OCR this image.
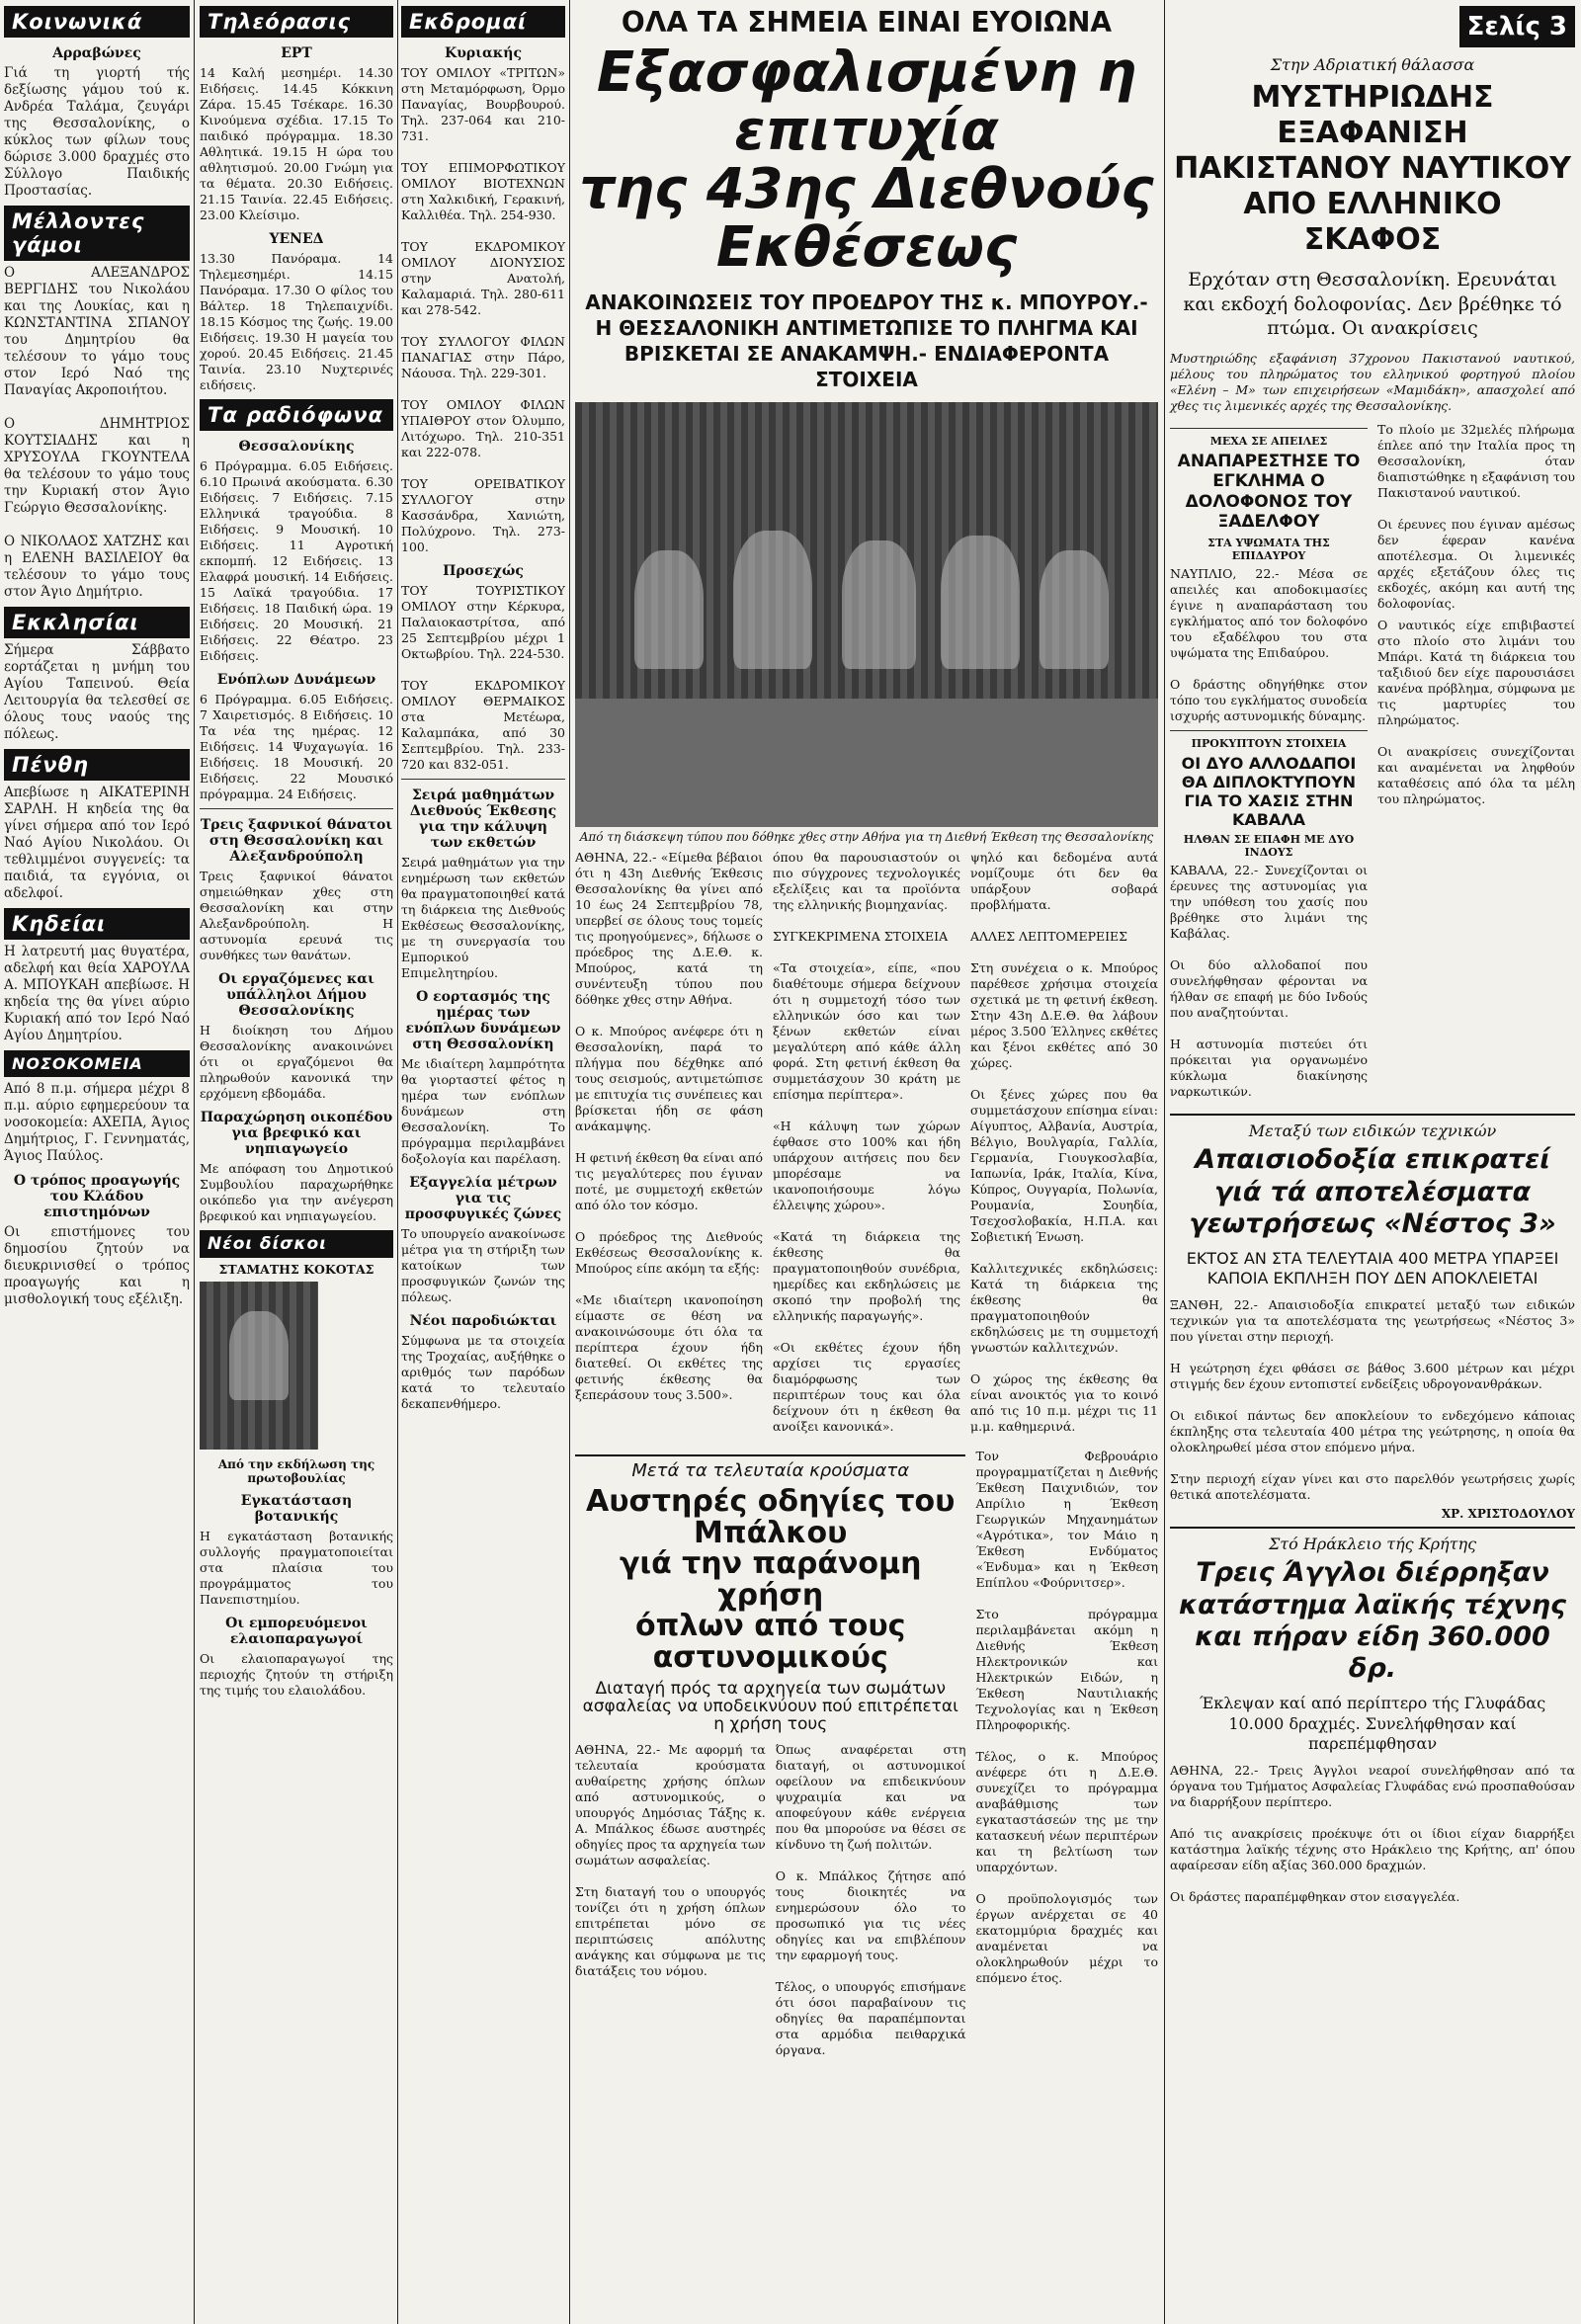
Κοινωνικά
Αρραβώνες

Γιά τη γιορτή τής δεξίωσης γάμου τού κ. Ανδρέα Ταλάμα, ζευγάρι της Θεσσαλονίκης, ο κύκλος των φίλων τους δώρισε 3.000 δραχμές στο Σύλλογο Παιδικής Προστασίας.

Μέλλοντες γάμοι

Ο ΑΛΕΞΑΝΔΡΟΣ ΒΕΡΓΙΔΗΣ του Νικολάου και της Λουκίας, και η ΚΩΝΣΤΑΝΤΙΝΑ ΣΠΑΝΟΥ του Δημητρίου θα τελέσουν το γάμο τους στον Ιερό Ναό της Παναγίας Ακροποιήτου.

Ο ΔΗΜΗΤΡΙΟΣ ΚΟΥΤΣΙΑΔΗΣ και η ΧΡΥΣΟΥΛΑ ΓΚΟΥΝΤΕΛΑ θα τελέσουν το γάμο τους την Κυριακή στον Άγιο Γεώργιο Θεσσαλονίκης.

Ο ΝΙΚΟΛΑΟΣ ΧΑΤΖΗΣ και η ΕΛΕΝΗ ΒΑΣΙΛΕΙΟΥ θα τελέσουν το γάμο τους στον Άγιο Δημήτριο.

Εκκλησίαι

Σήμερα Σάββατο εορτάζεται η μνήμη του Αγίου Ταπεινού. Θεία Λειτουργία θα τελεσθεί σε όλους τους ναούς της πόλεως.

Πένθη

Απεβίωσε η ΑΙΚΑΤΕΡΙΝΗ ΣΑΡΛΗ. Η κηδεία της θα γίνει σήμερα από τον Ιερό Ναό Αγίου Νικολάου. Οι τεθλιμμένοι συγγενείς: τα παιδιά, τα εγγόνια, οι αδελφοί.

Κηδείαι

Η λατρευτή μας θυγατέρα, αδελφή και θεία ΧΑΡΟΥΛΑ Α. ΜΠΟΥΚΑΗ απεβίωσε. Η κηδεία της θα γίνει αύριο Κυριακή από τον Ιερό Ναό Αγίου Δημητρίου.

ΝΟΣΟΚΟΜΕΙΑ

Από 8 π.μ. σήμερα μέχρι 8 π.μ. αύριο εφημερεύουν τα νοσοκομεία: ΑΧΕΠΑ, Άγιος Δημήτριος, Γ. Γεννηματάς, Άγιος Παύλος.

Ο τρόπος προαγωγής του Κλάδου επιστημόνων

Οι επιστήμονες του δημοσίου ζητούν να διευκρινισθεί ο τρόπος προαγωγής και η μισθολογική τους εξέλιξη.

Τηλεόρασις
ΕΡΤ

14 Καλή μεσημέρι. 14.30 Ειδήσεις. 14.45 Κόκκινη Ζάρα. 15.45 Τσέκαρε. 16.30 Κινούμενα σχέδια. 17.15 Το παιδικό πρόγραμμα. 18.30 Αθλητικά. 19.15 Η ώρα του αθλητισμού. 20.00 Γνώμη για τα θέματα. 20.30 Ειδήσεις. 21.15 Ταινία. 22.45 Ειδήσεις. 23.00 Κλείσιμο.

ΥΕΝΕΔ

13.30 Πανόραμα. 14 Τηλεμεσημέρι. 14.15 Πανόραμα. 17.30 Ο φίλος του Βάλτερ. 18 Τηλεπαιχνίδι. 18.15 Κόσμος της ζωής. 19.00 Ειδήσεις. 19.30 Η μαγεία του χορού. 20.45 Ειδήσεις. 21.45 Ταινία. 23.10 Νυχτερινές ειδήσεις.

Τα ραδιόφωνα
Θεσσαλονίκης

6 Πρόγραμμα. 6.05 Ειδήσεις. 6.10 Πρωινά ακούσματα. 6.30 Ειδήσεις. 7 Ειδήσεις. 7.15 Ελληνικά τραγούδια. 8 Ειδήσεις. 9 Μουσική. 10 Ειδήσεις. 11 Αγροτική εκπομπή. 12 Ειδήσεις. 13 Ελαφρά μουσική. 14 Ειδήσεις. 15 Λαϊκά τραγούδια. 17 Ειδήσεις. 18 Παιδική ώρα. 19 Ειδήσεις. 20 Μουσική. 21 Ειδήσεις. 22 Θέατρο. 23 Ειδήσεις.

Ενόπλων Δυνάμεων

6 Πρόγραμμα. 6.05 Ειδήσεις. 7 Χαιρετισμός. 8 Ειδήσεις. 10 Τα νέα της ημέρας. 12 Ειδήσεις. 14 Ψυχαγωγία. 16 Ειδήσεις. 18 Μουσική. 20 Ειδήσεις. 22 Μουσικό πρόγραμμα. 24 Ειδήσεις.

Τρεις ξαφνικοί θάνατοι στη Θεσσαλονίκη και Αλεξανδρούπολη

Τρεις ξαφνικοί θάνατοι σημειώθηκαν χθες στη Θεσσαλονίκη και στην Αλεξανδρούπολη. Η αστυνομία ερευνά τις συνθήκες των θανάτων.

Οι εργαζόμενες και υπάλληλοι Δήμου Θεσσαλονίκης

Η διοίκηση του Δήμου Θεσσαλονίκης ανακοινώνει ότι οι εργαζόμενοι θα πληρωθούν κανονικά την ερχόμενη εβδομάδα.

Παραχώρηση οικοπέδου για βρεφικό και νηπιαγωγείο

Με απόφαση του Δημοτικού Συμβουλίου παραχωρήθηκε οικόπεδο για την ανέγερση βρεφικού και νηπιαγωγείου.

Νέοι δίσκοι
ΣΤΑΜΑΤΗΣ ΚΟΚΟΤΑΣ
Από την εκδήλωση της πρωτοβουλίας
Εγκατάσταση βοτανικής

Η εγκατάσταση βοτανικής συλλογής πραγματοποιείται στα πλαίσια του προγράμματος του Πανεπιστημίου.

Οι εμπορευόμενοι ελαιοπαραγωγοί

Οι ελαιοπαραγωγοί της περιοχής ζητούν τη στήριξη της τιμής του ελαιολάδου.

Εκδρομαί
Κυριακής

ΤΟΥ ΟΜΙΛΟΥ «ΤΡΙΤΩΝ» στη Μεταμόρφωση, Όρμο Παναγίας, Βουρβουρού. Τηλ. 237-064 και 210-731.

ΤΟΥ ΕΠΙΜΟΡΦΩΤΙΚΟΥ ΟΜΙΛΟΥ ΒΙΟΤΕΧΝΩΝ στη Χαλκιδική, Γερακινή, Καλλιθέα. Τηλ. 254-930.

ΤΟΥ ΕΚΔΡΟΜΙΚΟΥ ΟΜΙΛΟΥ ΔΙΟΝΥΣΙΟΣ στην Ανατολή, Καλαμαριά. Τηλ. 280-611 και 278-542.

ΤΟΥ ΣΥΛΛΟΓΟΥ ΦΙΛΩΝ ΠΑΝΑΓΙΑΣ στην Πάρο, Νάουσα. Τηλ. 229-301.

ΤΟΥ ΟΜΙΛΟΥ ΦΙΛΩΝ ΥΠΑΙΘΡΟΥ στον Όλυμπο, Λιτόχωρο. Τηλ. 210-351 και 222-078.

ΤΟΥ ΟΡΕΙΒΑΤΙΚΟΥ ΣΥΛΛΟΓΟΥ στην Κασσάνδρα, Χανιώτη, Πολύχρονο. Τηλ. 273-100.

Προσεχώς

ΤΟΥ ΤΟΥΡΙΣΤΙΚΟΥ ΟΜΙΛΟΥ στην Κέρκυρα, Παλαιοκαστρίτσα, από 25 Σεπτεμβρίου μέχρι 1 Οκτωβρίου. Τηλ. 224-530.

ΤΟΥ ΕΚΔΡΟΜΙΚΟΥ ΟΜΙΛΟΥ ΘΕΡΜΑΙΚΟΣ στα Μετέωρα, Καλαμπάκα, από 30 Σεπτεμβρίου. Τηλ. 233-720 και 832-051.

Σειρά μαθημάτων Διεθνούς Έκθεσης για την κάλυψη των εκθετών

Σειρά μαθημάτων για την ενημέρωση των εκθετών θα πραγματοποιηθεί κατά τη διάρκεια της Διεθνούς Εκθέσεως Θεσσαλονίκης, με τη συνεργασία του Εμπορικού Επιμελητηρίου.

Ο εορτασμός της ημέρας των ενόπλων δυνάμεων στη Θεσσαλονίκη

Με ιδιαίτερη λαμπρότητα θα γιορταστεί φέτος η ημέρα των ενόπλων δυνάμεων στη Θεσσαλονίκη. Το πρόγραμμα περιλαμβάνει δοξολογία και παρέλαση.

Εξαγγελία μέτρων για τις προσφυγικές ζώνες

Το υπουργείο ανακοίνωσε μέτρα για τη στήριξη των κατοίκων των προσφυγικών ζωνών της πόλεως.

Νέοι παροδιώκται

Σύμφωνα με τα στοιχεία της Τροχαίας, αυξήθηκε ο αριθμός των παρόδων κατά το τελευταίο δεκαπενθήμερο.

ΟΛΑ ΤΑ ΣΗΜΕΙΑ ΕΙΝΑΙ ΕΥΟΙΩΝΑ
Εξασφαλισμένη η επιτυχία
της 43ης Διεθνούς Εκθέσεως
ΑΝΑΚΟΙΝΩΣΕΙΣ ΤΟΥ ΠΡΟΕΔΡΟΥ ΤΗΣ κ. ΜΠΟΥΡΟΥ.- Η ΘΕΣΣΑΛΟΝΙΚΗ ΑΝΤΙΜΕΤΩΠΙΣΕ ΤΟ ΠΛΗΓΜΑ ΚΑΙ ΒΡΙΣΚΕΤΑΙ ΣΕ ΑΝΑΚΑΜΨΗ.- ΕΝΔΙΑΦΕΡΟΝΤΑ ΣΤΟΙΧΕΙΑ
Από τη διάσκεψη τύπου που δόθηκε χθες στην Αθήνα για τη Διεθνή Έκθεση της Θεσσαλονίκης

ΑΘΗΝΑ, 22.- «Είμεθα βέβαιοι ότι η 43η Διεθνής Έκθεσις Θεσσαλονίκης θα γίνει από 10 έως 24 Σεπτεμβρίου 78, υπερβεί σε όλους τους τομείς τις προηγούμενες», δήλωσε ο πρόεδρος της Δ.Ε.Θ. κ. Μπούρος, κατά τη συνέντευξη τύπου που δόθηκε χθες στην Αθήνα.

Ο κ. Μπούρος ανέφερε ότι η Θεσσαλονίκη, παρά το πλήγμα που δέχθηκε από τους σεισμούς, αντιμετώπισε με επιτυχία τις συνέπειες και βρίσκεται ήδη σε φάση ανάκαμψης.

Η φετινή έκθεση θα είναι από τις μεγαλύτερες που έγιναν ποτέ, με συμμετοχή εκθετών από όλο τον κόσμο.

Ο πρόεδρος της Διεθνούς Εκθέσεως Θεσσαλονίκης κ. Μπούρος είπε ακόμη τα εξής:

«Με ιδιαίτερη ικανοποίηση είμαστε σε θέση να ανακοινώσουμε ότι όλα τα περίπτερα έχουν ήδη διατεθεί. Οι εκθέτες της φετινής έκθεσης θα ξεπεράσουν τους 3.500».

όπου θα παρουσιαστούν οι πιο σύγχρονες τεχνολογικές εξελίξεις και τα προϊόντα της ελληνικής βιομηχανίας.

ΣΥΓΚΕΚΡΙΜΕΝΑ ΣΤΟΙΧΕΙΑ

«Τα στοιχεία», είπε, «που διαθέτουμε σήμερα δείχνουν ότι η συμμετοχή τόσο των ελληνικών όσο και των ξένων εκθετών είναι μεγαλύτερη από κάθε άλλη φορά. Στη φετινή έκθεση θα συμμετάσχουν 30 κράτη με επίσημα περίπτερα».

«Η κάλυψη των χώρων έφθασε στο 100% και ήδη υπάρχουν αιτήσεις που δεν μπορέσαμε να ικανοποιήσουμε λόγω έλλειψης χώρου».

«Κατά τη διάρκεια της έκθεσης θα πραγματοποιηθούν συνέδρια, ημερίδες και εκδηλώσεις με σκοπό την προβολή της ελληνικής παραγωγής».

«Οι εκθέτες έχουν ήδη αρχίσει τις εργασίες διαμόρφωσης των περιπτέρων τους και όλα δείχνουν ότι η έκθεση θα ανοίξει κανονικά».

ψηλό και δεδομένα αυτά νομίζουμε ότι δεν θα υπάρξουν σοβαρά προβλήματα.

ΑΛΛΕΣ ΛΕΠΤΟΜΕΡΕΙΕΣ

Στη συνέχεια ο κ. Μπούρος παρέθεσε χρήσιμα στοιχεία σχετικά με τη φετινή έκθεση. Στην 43η Δ.Ε.Θ. θα λάβουν μέρος 3.500 Έλληνες εκθέτες και ξένοι εκθέτες από 30 χώρες.

Οι ξένες χώρες που θα συμμετάσχουν επίσημα είναι: Αίγυπτος, Αλβανία, Αυστρία, Βέλγιο, Βουλγαρία, Γαλλία, Γερμανία, Γιουγκοσλαβία, Ιαπωνία, Ιράκ, Ιταλία, Κίνα, Κύπρος, Ουγγαρία, Πολωνία, Ρουμανία, Σουηδία, Τσεχοσλοβακία, Η.Π.Α. και Σοβιετική Ένωση.

Καλλιτεχνικές εκδηλώσεις: Κατά τη διάρκεια της έκθεσης θα πραγματοποιηθούν εκδηλώσεις με τη συμμετοχή γνωστών καλλιτεχνών.

Ο χώρος της έκθεσης θα είναι ανοικτός για το κοινό από τις 10 π.μ. μέχρι τις 11 μ.μ. καθημερινά.

Μετά τα τελευταία κρούσματα
Αυστηρές οδηγίες του Μπάλκου
γιά την παράνομη χρήση
όπλων από τους αστυνομικούς
Διαταγή πρός τα αρχηγεία των σωμάτων ασφαλείας να υποδεικνύουν πού επιτρέπεται η χρήση τους

ΑΘΗΝΑ, 22.- Με αφορμή τα τελευταία κρούσματα αυθαίρετης χρήσης όπλων από αστυνομικούς, ο υπουργός Δημόσιας Τάξης κ. Α. Μπάλκος έδωσε αυστηρές οδηγίες προς τα αρχηγεία των σωμάτων ασφαλείας.

Στη διαταγή του ο υπουργός τονίζει ότι η χρήση όπλων επιτρέπεται μόνο σε περιπτώσεις απόλυτης ανάγκης και σύμφωνα με τις διατάξεις του νόμου.

Όπως αναφέρεται στη διαταγή, οι αστυνομικοί οφείλουν να επιδεικνύουν ψυχραιμία και να αποφεύγουν κάθε ενέργεια που θα μπορούσε να θέσει σε κίνδυνο τη ζωή πολιτών.

Ο κ. Μπάλκος ζήτησε από τους διοικητές να ενημερώσουν όλο το προσωπικό για τις νέες οδηγίες και να επιβλέπουν την εφαρμογή τους.

Τέλος, ο υπουργός επισήμανε ότι όσοι παραβαίνουν τις οδηγίες θα παραπέμπονται στα αρμόδια πειθαρχικά όργανα.

Τον Φεβρουάριο προγραμματίζεται η Διεθνής Έκθεση Παιχνιδιών, τον Απρίλιο η Έκθεση Γεωργικών Μηχανημάτων «Αγρότικα», τον Μάιο η Έκθεση Ενδύματος «Ένδυμα» και η Έκθεση Επίπλου «Φούρνιτσερ».

Στο πρόγραμμα περιλαμβάνεται ακόμη η Διεθνής Έκθεση Ηλεκτρονικών και Ηλεκτρικών Ειδών, η Έκθεση Ναυτιλιακής Τεχνολογίας και η Έκθεση Πληροφορικής.

Τέλος, ο κ. Μπούρος ανέφερε ότι η Δ.Ε.Θ. συνεχίζει το πρόγραμμα αναβάθμισης των εγκαταστάσεών της με την κατασκευή νέων περιπτέρων και τη βελτίωση των υπαρχόντων.

Ο προϋπολογισμός των έργων ανέρχεται σε 40 εκατομμύρια δραχμές και αναμένεται να ολοκληρωθούν μέχρι το επόμενο έτος.

Σελίς 3
Στην Αδριατική θάλασσα
ΜΥΣΤΗΡΙΩΔΗΣ ΕΞΑΦΑΝΙΣΗ ΠΑΚΙΣΤΑΝΟΥ ΝΑΥΤΙΚΟΥ ΑΠΟ ΕΛΛΗΝΙΚΟ ΣΚΑΦΟΣ
Ερχόταν στη Θεσσαλονίκη. Ερευνάται και εκδοχή δολοφονίας. Δεν βρέθηκε τό πτώμα. Οι ανακρίσεις

Μυστηριώδης εξαφάνιση 37χρονου Πακιστανού ναυτικού, μέλους του πληρώματος του ελληνικού φορτηγού πλοίου «Ελένη – Μ» των επιχειρήσεων «Μαμιδάκη», απασχολεί από χθες τις λιμενικές αρχές της Θεσσαλονίκης.

ΜΕΧΑ ΣΕ ΑΠΕΙΛΕΣ
ΑΝΑΠΑΡΕΣΤΗΣΕ ΤΟ ΕΓΚΛΗΜΑ Ο ΔΟΛΟΦΟΝΟΣ ΤΟΥ ΞΑΔΕΛΦΟΥ
ΣΤΑ ΥΨΩΜΑΤΑ ΤΗΣ ΕΠΙΔΑΥΡΟΥ

ΝΑΥΠΛΙΟ, 22.- Μέσα σε απειλές και αποδοκιμασίες έγινε η αναπαράσταση του εγκλήματος από τον δολοφόνο του εξαδέλφου του στα υψώματα της Επιδαύρου.

Ο δράστης οδηγήθηκε στον τόπο του εγκλήματος συνοδεία ισχυρής αστυνομικής δύναμης.

ΠΡΟΚΥΠΤΟΥΝ ΣΤΟΙΧΕΙΑ
ΟΙ ΔΥΟ ΑΛΛΟΔΑΠΟΙ ΘΑ ΔΙΠΛΟΚΤΥΠΟΥΝ ΓΙΑ ΤΟ ΧΑΣΙΣ ΣΤΗΝ ΚΑΒΑΛΑ
ΗΛΘΑΝ ΣΕ ΕΠΑΦΗ ΜΕ ΔΥΟ ΙΝΔΟΥΣ

ΚΑΒΑΛΑ, 22.- Συνεχίζονται οι έρευνες της αστυνομίας για την υπόθεση του χασίς που βρέθηκε στο λιμάνι της Καβάλας.

Οι δύο αλλοδαποί που συνελήφθησαν φέρονται να ήλθαν σε επαφή με δύο Ινδούς που αναζητούνται.

Η αστυνομία πιστεύει ότι πρόκειται για οργανωμένο κύκλωμα διακίνησης ναρκωτικών.

Το πλοίο με 32μελές πλήρωμα έπλεε από την Ιταλία προς τη Θεσσαλονίκη, όταν διαπιστώθηκε η εξαφάνιση του Πακιστανού ναυτικού.

Οι έρευνες που έγιναν αμέσως δεν έφεραν κανένα αποτέλεσμα. Οι λιμενικές αρχές εξετάζουν όλες τις εκδοχές, ακόμη και αυτή της δολοφονίας.

Ο ναυτικός είχε επιβιβαστεί στο πλοίο στο λιμάνι του Μπάρι. Κατά τη διάρκεια του ταξιδιού δεν είχε παρουσιάσει κανένα πρόβλημα, σύμφωνα με τις μαρτυρίες του πληρώματος.

Οι ανακρίσεις συνεχίζονται και αναμένεται να ληφθούν καταθέσεις από όλα τα μέλη του πληρώματος.

Μεταξύ των ειδικών τεχνικών
Απαισιοδοξία επικρατεί γιά τά αποτελέσματα γεωτρήσεως «Νέστος 3»
ΕΚΤΟΣ ΑΝ ΣΤΑ ΤΕΛΕΥΤΑΙΑ 400 ΜΕΤΡΑ ΥΠΑΡΞΕΙ ΚΑΠΟΙΑ ΕΚΠΛΗΞΗ ΠΟΥ ΔΕΝ ΑΠΟΚΛΕΙΕΤΑΙ

ΞΑΝΘΗ, 22.- Απαισιοδοξία επικρατεί μεταξύ των ειδικών τεχνικών για τα αποτελέσματα της γεωτρήσεως «Νέστος 3» που γίνεται στην περιοχή.

Η γεώτρηση έχει φθάσει σε βάθος 3.600 μέτρων και μέχρι στιγμής δεν έχουν εντοπιστεί ενδείξεις υδρογονανθράκων.

Οι ειδικοί πάντως δεν αποκλείουν το ενδεχόμενο κάποιας έκπληξης στα τελευταία 400 μέτρα της γεώτρησης, η οποία θα ολοκληρωθεί μέσα στον επόμενο μήνα.

Στην περιοχή είχαν γίνει και στο παρελθόν γεωτρήσεις χωρίς θετικά αποτελέσματα.

ΧΡ. ΧΡΙΣΤΟΔΟΥΛΟΥ
Στό Ηράκλειο τής Κρήτης
Τρεις Άγγλοι διέρρηξαν κατάστημα λαϊκής τέχνης και πήραν είδη 360.000 δρ.
Έκλεψαν καί από περίπτερο τής Γλυφάδας 10.000 δραχμές. Συνελήφθησαν καί παρεπέμφθησαν

ΑΘΗΝΑ, 22.- Τρεις Άγγλοι νεαροί συνελήφθησαν από τα όργανα του Τμήματος Ασφαλείας Γλυφάδας ενώ προσπαθούσαν να διαρρήξουν περίπτερο.

Από τις ανακρίσεις προέκυψε ότι οι ίδιοι είχαν διαρρήξει κατάστημα λαϊκής τέχνης στο Ηράκλειο της Κρήτης, απ' όπου αφαίρεσαν είδη αξίας 360.000 δραχμών.

Οι δράστες παραπέμφθηκαν στον εισαγγελέα.
